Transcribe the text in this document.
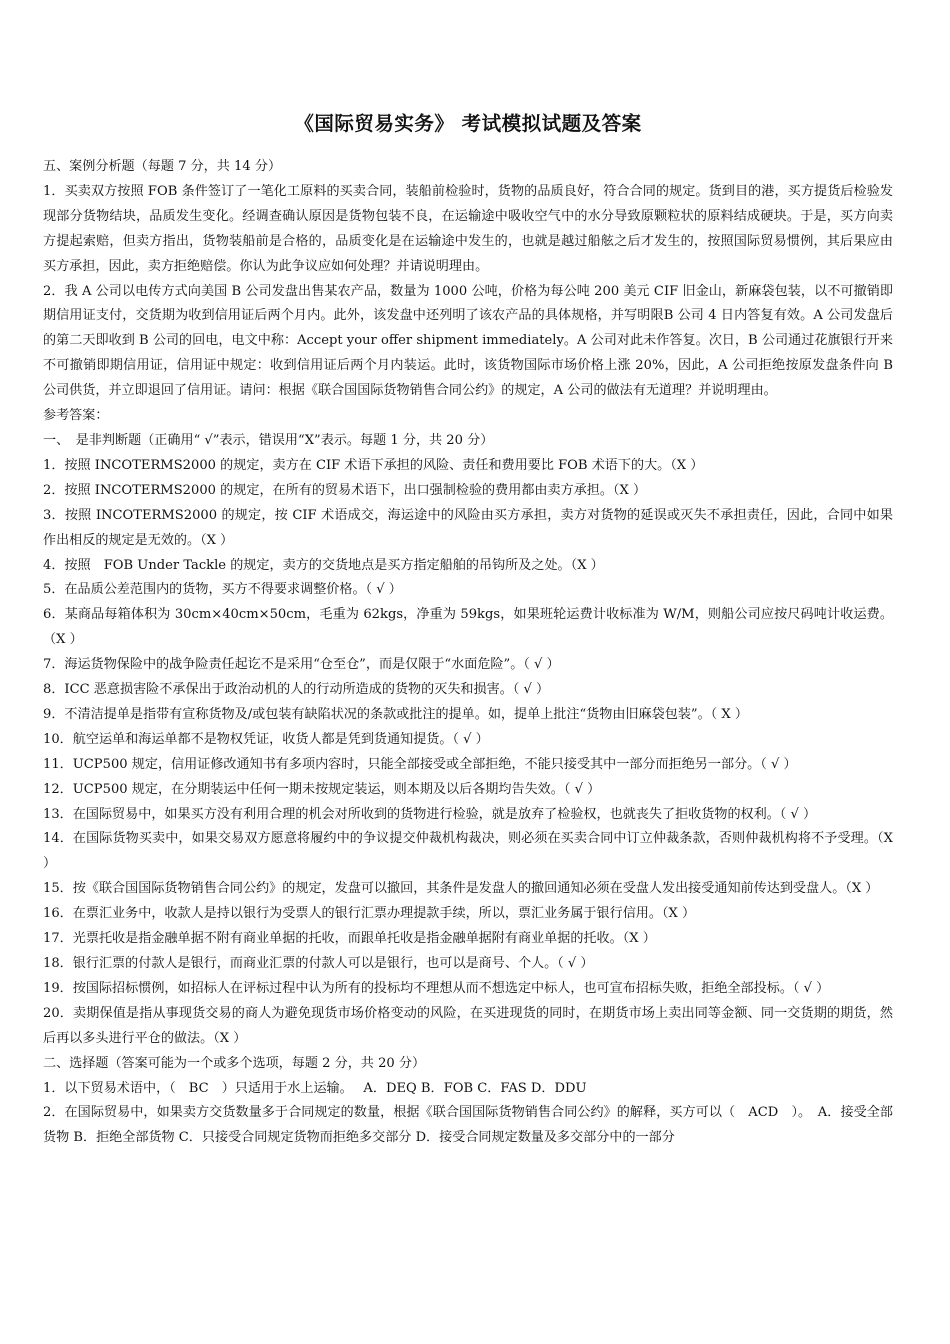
《国际贸易实务》 考试模拟试题及答案

五、案例分析题（每题 7 分，共 14 分）

1．买卖双方按照 FOB 条件签订了一笔化工原料的买卖合同，装船前检验时，货物的品质良好，符合合同的规定。货到目的港，买方提货后检验发现部分货物结块，品质发生变化。经调查确认原因是货物包装不良，在运输途中吸收空气中的水分导致原颗粒状的原料结成硬块。于是，买方向卖方提起索赔，但卖方指出，货物装船前是合格的，品质变化是在运输途中发生的，也就是越过船舷之后才发生的，按照国际贸易惯例，其后果应由买方承担，因此，卖方拒绝赔偿。你认为此争议应如何处理？并请说明理由。

2．我 A 公司以电传方式向美国 B 公司发盘出售某农产品，数量为 1000 公吨，价格为每公吨 200 美元 CIF 旧金山，新麻袋包装，以不可撤销即期信用证支付，交货期为收到信用证后两个月内。此外，该发盘中还列明了该农产品的具体规格，并写明限B 公司 4 日内答复有效。A 公司发盘后的第二天即收到 B 公司的回电，电文中称：Accept your offer shipment immediately。A 公司对此未作答复。次日，B 公司通过花旗银行开来不可撤销即期信用证，信用证中规定：收到信用证后两个月内装运。此时，该货物国际市场价格上涨 20%，因此，A 公司拒绝按原发盘条件向 B 公司供货，并立即退回了信用证。请问：根据《联合国国际货物销售合同公约》的规定，A 公司的做法有无道理？并说明理由。

参考答案：

一、　是非判断题（正确用“ √”表示，错误用“X”表示。每题 1 分，共 20 分）

1．按照 INCOTERMS2000 的规定，卖方在 CIF 术语下承担的风险、责任和费用要比 FOB 术语下的大。（X ）

2．按照 INCOTERMS2000 的规定，在所有的贸易术语下，出口强制检验的费用都由卖方承担。（X ）

3．按照 INCOTERMS2000 的规定，按 CIF 术语成交，海运途中的风险由买方承担，卖方对货物的延误或灭失不承担责任，因此，合同中如果作出相反的规定是无效的。（X ）

4．按照　FOB Under Tackle 的规定，卖方的交货地点是买方指定船舶的吊钩所及之处。（X ）

5．在品质公差范围内的货物，买方不得要求调整价格。（ √ ）

6．某商品每箱体积为 30cm×40cm×50cm，毛重为 62kgs，净重为 59kgs，如果班轮运费计收标准为 W/M，则船公司应按尺码吨计收运费。（X ）

7．海运货物保险中的战争险责任起讫不是采用“仓至仓”，而是仅限于“水面危险”。（ √ ）

8．ICC 恶意损害险不承保出于政治动机的人的行动所造成的货物的灭失和损害。（ √ ）

9．不清洁提单是指带有宣称货物及/或包装有缺陷状况的条款或批注的提单。如，提单上批注“货物由旧麻袋包装”。（ X ）

10．航空运单和海运单都不是物权凭证，收货人都是凭到货通知提货。（ √ ）

11．UCP500 规定，信用证修改通知书有多项内容时，只能全部接受或全部拒绝，不能只接受其中一部分而拒绝另一部分。（ √ ）

12．UCP500 规定，在分期装运中任何一期未按规定装运，则本期及以后各期均告失效。（ √ ）

13．在国际贸易中，如果买方没有利用合理的机会对所收到的货物进行检验，就是放弃了检验权，也就丧失了拒收货物的权利。（ √ ）

14．在国际货物买卖中，如果交易双方愿意将履约中的争议提交仲裁机构裁决，则必须在买卖合同中订立仲裁条款，否则仲裁机构将不予受理。（X ）

15．按《联合国国际货物销售合同公约》的规定，发盘可以撤回，其条件是发盘人的撤回通知必须在受盘人发出接受通知前传达到受盘人。（X ）

16．在票汇业务中，收款人是持以银行为受票人的银行汇票办理提款手续，所以，票汇业务属于银行信用。（X ）

17．光票托收是指金融单据不附有商业单据的托收，而跟单托收是指金融单据附有商业单据的托收。（X ）

18．银行汇票的付款人是银行，而商业汇票的付款人可以是银行，也可以是商号、个人。（ √ ）

19．按国际招标惯例，如招标人在评标过程中认为所有的投标均不理想从而不想选定中标人，也可宣布招标失败，拒绝全部投标。（ √ ）

20．卖期保值是指从事现货交易的商人为避免现货市场价格变动的风险，在买进现货的同时，在期货市场上卖出同等金额、同一交货期的期货，然后再以多头进行平仓的做法。（X ）

二、选择题（答案可能为一个或多个选项，每题 2 分，共 20 分）

1．以下贸易术语中，（　BC　）只适用于水上运输。　 A．DEQ B．FOB C．FAS D．DDU

2．在国际贸易中，如果卖方交货数量多于合同规定的数量，根据《联合国国际货物销售合同公约》的解释，买方可以（　ACD　）。　A．接受全部货物 B．拒绝全部货物 C．只接受合同规定货物而拒绝多交部分 D．接受合同规定数量及多交部分中的一部分
